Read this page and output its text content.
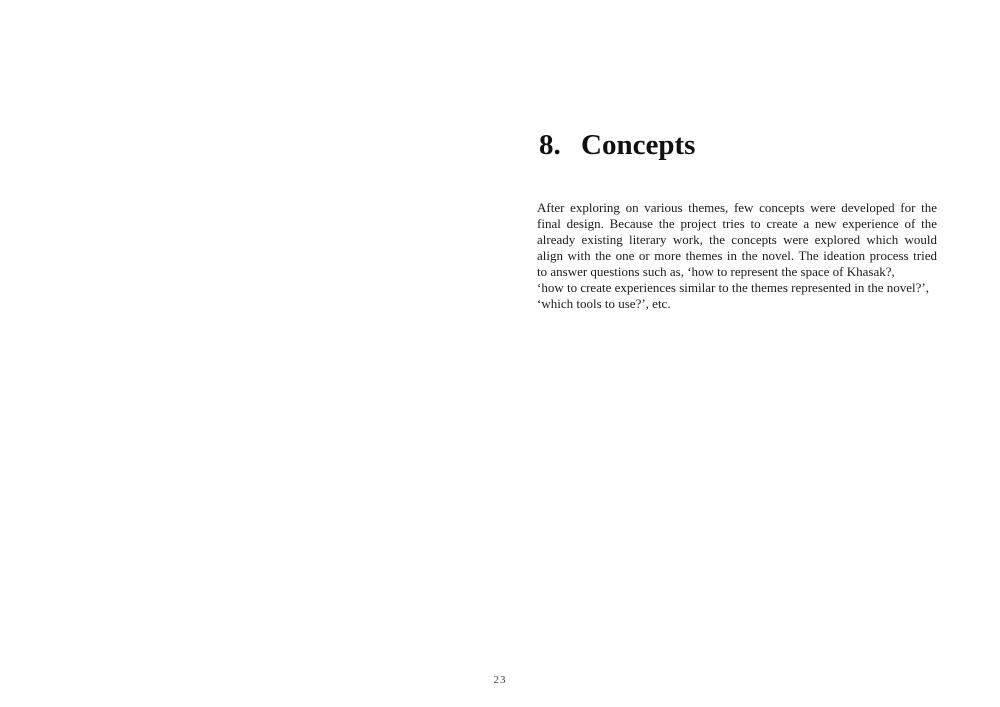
8. Concepts
After exploring on various themes, few concepts were developed for the
final design. Because the project tries to create a new experience of the
already existing literary work, the concepts were explored which would
align with the one or more themes in the novel. The ideation process tried
to answer questions such as, ‘how to represent the space of Khasak?,
‘how to create experiences similar to the themes represented in the novel?’,
‘which tools to use?’, etc.
23
